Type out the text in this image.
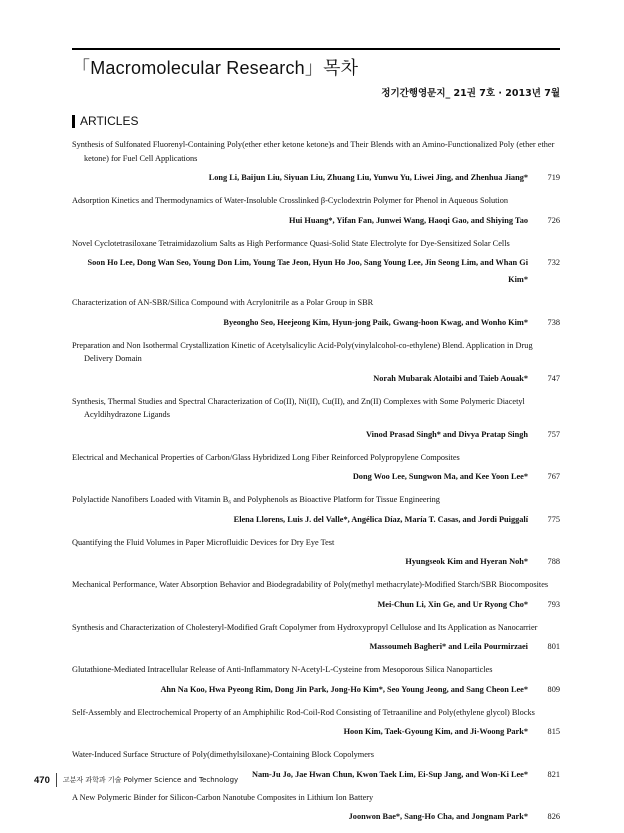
「Macromolecular Research」목차
정기간행영문지_ 21권 7호 · 2013년 7월
ARTICLES
Synthesis of Sulfonated Fluorenyl-Containing Poly(ether ether ketone ketone)s and Their Blends with an Amino-Functionalized Poly (ether ether ketone) for Fuel Cell Applications
Long Li, Baijun Liu, Siyuan Liu, Zhuang Liu, Yunwu Yu, Liwei Jing, and Zhenhua Jiang*	719
Adsorption Kinetics and Thermodynamics of Water-Insoluble Crosslinked β-Cyclodextrin Polymer for Phenol in Aqueous Solution
Hui Huang*, Yifan Fan, Junwei Wang, Haoqi Gao, and Shiying Tao	726
Novel Cyclotetrasiloxane Tetraimidazolium Salts as High Performance Quasi-Solid State Electrolyte for Dye-Sensitized Solar Cells
Soon Ho Lee, Dong Wan Seo, Young Don Lim, Young Tae Jeon, Hyun Ho Joo, Sang Young Lee, Jin Seong Lim, and Whan Gi Kim*
732
Characterization of AN-SBR/Silica Compound with Acrylonitrile as a Polar Group in SBR
Byeongho Seo, Heejeong Kim, Hyun-jong Paik, Gwang-hoon Kwag, and Wonho Kim*	738
Preparation and Non Isothermal Crystallization Kinetic of Acetylsalicylic Acid-Poly(vinylalcohol-co-ethylene) Blend. Application in Drug Delivery Domain
Norah Mubarak Alotaibi and Taieb Aouak*	747
Synthesis, Thermal Studies and Spectral Characterization of Co(II), Ni(II), Cu(II), and Zn(II) Complexes with Some Polymeric Diacetyl Acyldihydrazone Ligands
Vinod Prasad Singh* and Divya Pratap Singh	757
Electrical and Mechanical Properties of Carbon/Glass Hybridized Long Fiber Reinforced Polypropylene Composites
Dong Woo Lee, Sungwon Ma, and Kee Yoon Lee*	767
Polylactide Nanofibers Loaded with Vitamin B₆ and Polyphenols as Bioactive Platform for Tissue Engineering
Elena Llorens, Luis J. del Valle*, Angélica Díaz, María T. Casas, and Jordi Puiggalí	775
Quantifying the Fluid Volumes in Paper Microfluidic Devices for Dry Eye Test
Hyungseok Kim and Hyeran Noh*	788
Mechanical Performance, Water Absorption Behavior and Biodegradability of Poly(methyl methacrylate)-Modified Starch/SBR Biocomposites
Mei-Chun Li, Xin Ge, and Ur Ryong Cho*	793
Synthesis and Characterization of Cholesteryl-Modified Graft Copolymer from Hydroxypropyl Cellulose and Its Application as Nanocarrier
Massoumeh Bagheri* and Leila Pourmirzaei	801
Glutathione-Mediated Intracellular Release of Anti-Inflammatory N-Acetyl-L-Cysteine from Mesoporous Silica Nanoparticles
Ahn Na Koo, Hwa Pyeong Rim, Dong Jin Park, Jong-Ho Kim*, Seo Young Jeong, and Sang Cheon Lee*	809
Self-Assembly and Electrochemical Property of an Amphiphilic Rod-Coil-Rod Consisting of Tetraaniline and Poly(ethylene glycol) Blocks
Hoon Kim, Taek-Gyoung Kim, and Ji-Woong Park*	815
Water-Induced Surface Structure of Poly(dimethylsiloxane)-Containing Block Copolymers
Nam-Ju Jo, Jae Hwan Chun, Kwon Taek Lim, Ei-Sup Jang, and Won-Ki Lee*	821
A New Polymeric Binder for Silicon-Carbon Nanotube Composites in Lithium Ion Battery
Joonwon Bae*, Sang-Ho Cha, and Jongnam Park*	826
470 고분자 과학과 기술 Polymer Science and Technology
